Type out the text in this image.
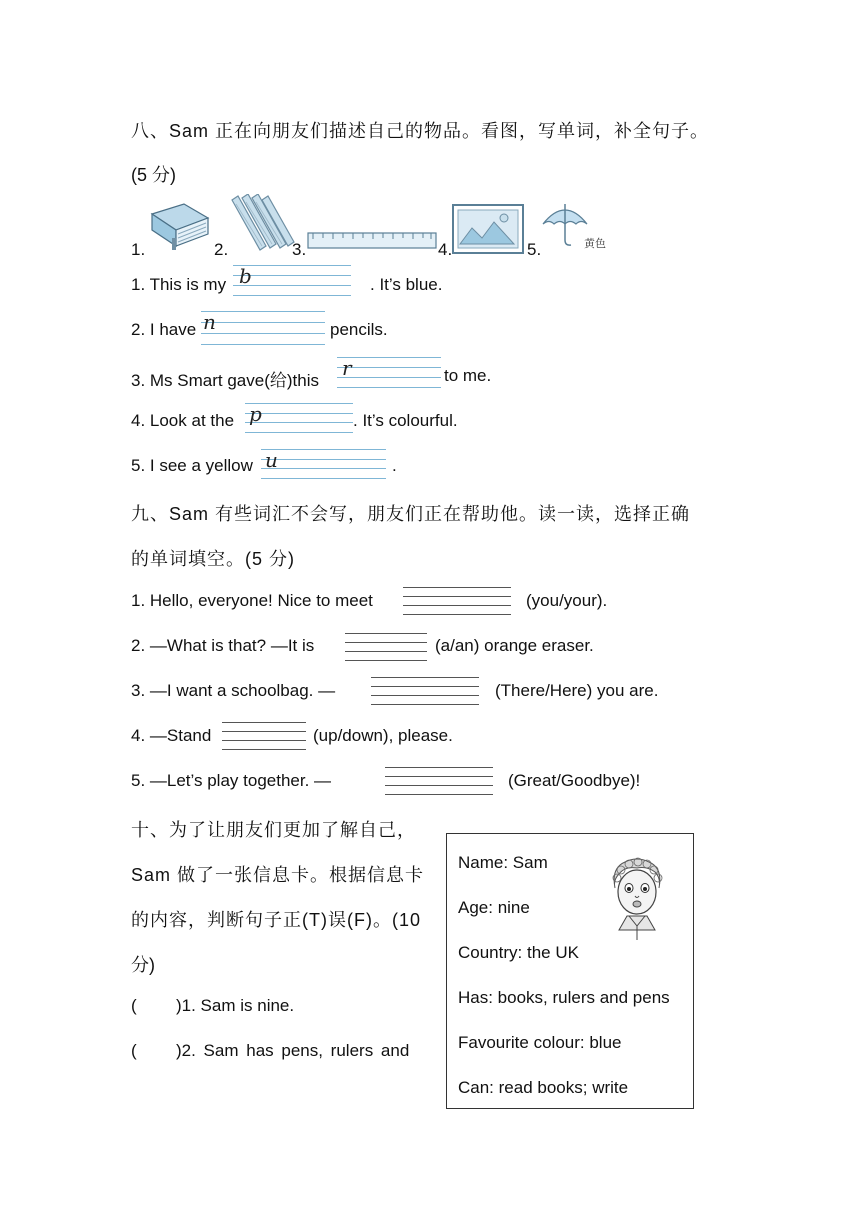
八、Sam 正在向朋友们描述自己的物品。看图，写单词，补全句子。
(5 分)
1.	2.	3.	4.	5.	黄色
1. This is my b	. It’s blue.
2. I have n	pencils.
3. Ms Smart gave(给)this
r	to me.
4. Look at the p	. It’s colourful.
5. I see a yellow u	.
九、Sam 有些词汇不会写，朋友们正在帮助他。读一读，选择正确
的单词填空。(5 分)
1. Hello, everyone! Nice to meet	(you/your).
2. —What is that? —It is	(a/an) orange eraser.
3. —I want a schoolbag. —	(There/Here) you are.
4. —Stand	(up/down), please.
5. —Let’s play together. —	(Great/Goodbye)!
十、为了让朋友们更加了解自己，
Sam 做了一张信息卡。根据信息卡
的内容，判断句子正(T)误(F)。(10
分)
( )1. Sam is nine.
( )2. Sam has pens, rulers and
Name: Sam
Age: nine
Country: the UK
Has: books, rulers and pens
Favourite colour: blue
Can: read books; write
